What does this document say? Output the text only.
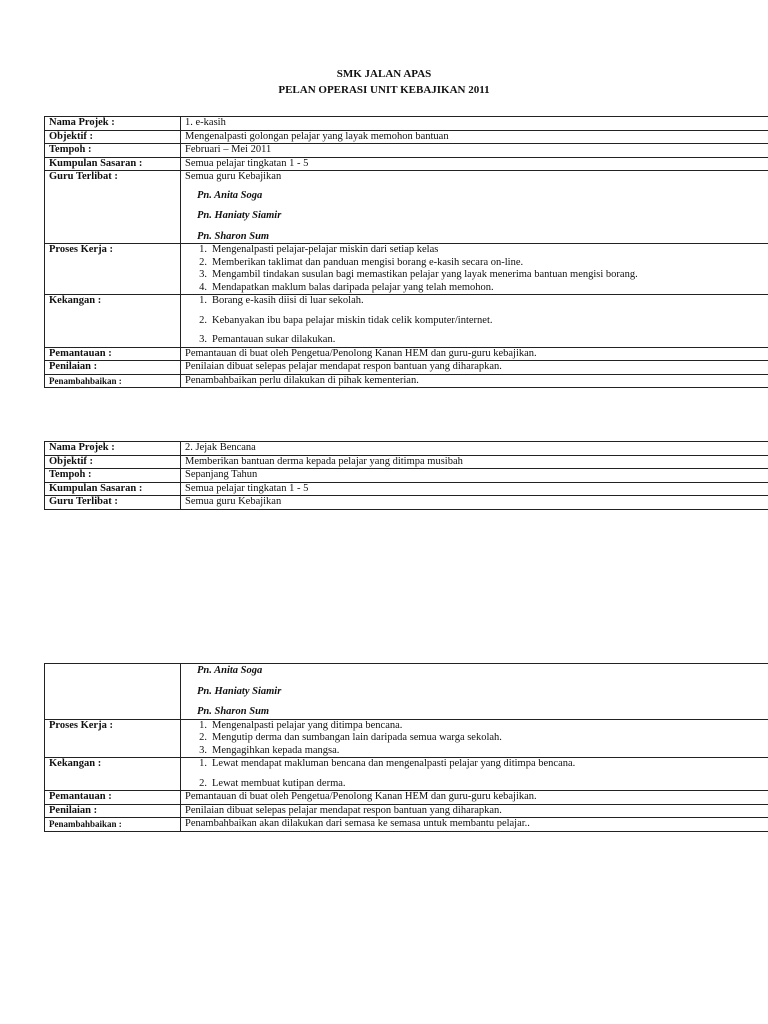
SMK JALAN APAS
PELAN OPERASI UNIT KEBAJIKAN 2011
Nama Projek :	1. e-kasih
Objektif :	Mengenalpasti golongan pelajar yang layak memohon bantuan
Tempoh :	Februari – Mei 2011
Kumpulan Sasaran :	Semua pelajar tingkatan 1 - 5
Guru Terlibat :	Semua guru Kebajikan
Pn. Anita Soga
Pn. Haniaty Siamir
Pn. Sharon Sum

Proses Kerja :	1. Mengenalpasti pelajar-pelajar miskin dari setiap kelas
2. Memberikan taklimat dan panduan mengisi borang e-kasih secara on-line.
3. Mengambil tindakan susulan bagi memastikan pelajar yang layak menerima bantuan mengisi borang.
4. Mendapatkan maklum balas daripada pelajar yang telah memohon.

Kekangan :	1. Borang e-kasih diisi di luar sekolah.
2. Kebanyakan ibu bapa pelajar miskin tidak celik komputer/internet.
3. Pemantauan sukar dilakukan.

Pemantauan :	Pemantauan di buat oleh Pengetua/Penolong Kanan HEM dan guru-guru kebajikan.
Penilaian :	Penilaian dibuat selepas pelajar mendapat respon bantuan yang diharapkan.
Penambahbaikan :	Penambahbaikan perlu dilakukan di pihak kementerian.
Nama Projek :	2. Jejak Bencana
Objektif :	Memberikan bantuan derma kepada pelajar yang ditimpa musibah
Tempoh :	Sepanjang Tahun
Kumpulan Sasaran :	Semua pelajar tingkatan 1 - 5
Guru Terlibat :	Semua guru Kebajikan

	Pn. Anita Soga
Pn. Haniaty Siamir
Pn. Sharon Sum

Proses Kerja :	1. Mengenalpasti pelajar yang ditimpa bencana.
2. Mengutip derma dan sumbangan lain daripada semua warga sekolah.
3. Mengagihkan kepada mangsa.

Kekangan :	1. Lewat mendapat makluman bencana dan mengenalpasti pelajar yang ditimpa bencana.
2. Lewat membuat kutipan derma.

Pemantauan :	Pemantauan di buat oleh Pengetua/Penolong Kanan HEM dan guru-guru kebajikan.
Penilaian :	Penilaian dibuat selepas pelajar mendapat respon bantuan yang diharapkan.
Penambahbaikan :	Penambahbaikan akan dilakukan dari semasa ke semasa untuk membantu pelajar..
